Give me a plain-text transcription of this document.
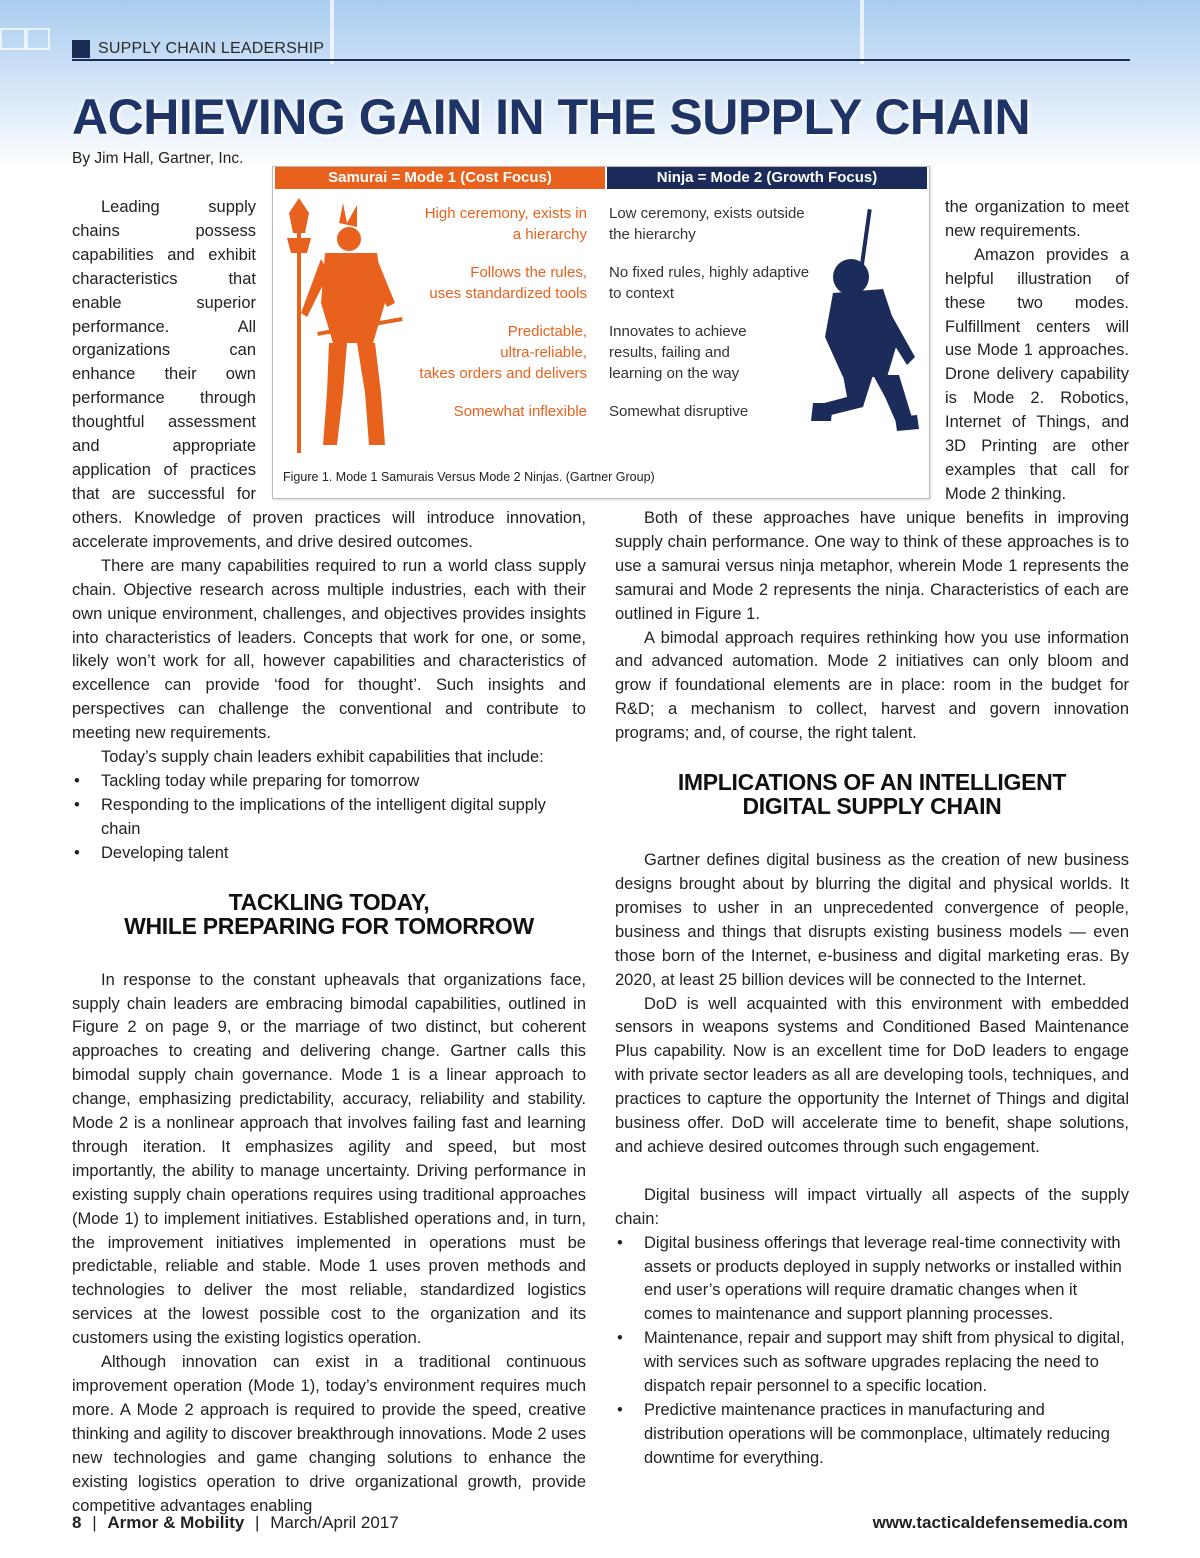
SUPPLY CHAIN LEADERSHIP
ACHIEVING GAIN IN THE SUPPLY CHAIN
By Jim Hall, Gartner, Inc.
Samurai = Mode 1 (Cost Focus)	Ninja = Mode 2 (Growth Focus)
High ceremony, exists in
a hierarchy
Follows the rules,
uses standardized tools
Predictable,
ultra-reliable,
takes orders and delivers
Somewhat inflexible
Low ceremony, exists outside
the hierarchy
No fixed rules, highly adaptive
to context
Innovates to achieve
results, failing and
learning on the way
Somewhat disruptive
Figure 1. Mode 1 Samurais Versus Mode 2 Ninjas. (Gartner Group)

Leading supply chains possess capabilities and exhibit characteristics that enable superior performance. All organizations can enhance their own performance through thoughtful assessment and appropriate application of practices that are successful for

others. Knowledge of proven practices will introduce innovation, accelerate improvements, and drive desired outcomes.

There are many capabilities required to run a world class supply chain. Objective research across multiple industries, each with their own unique environment, challenges, and objectives provides insights into characteristics of leaders. Concepts that work for one, or some, likely won’t work for all, however capabilities and characteristics of excellence can provide ‘food for thought’. Such insights and perspectives can challenge the conventional and contribute to meeting new requirements.

Today’s supply chain leaders exhibit capabilities that include:

• Tackling today while preparing for tomorrow
• Responding to the implications of the intelligent digital supply chain
• Developing talent
TACKLING TODAY,
WHILE PREPARING FOR TOMORROW

In response to the constant upheavals that organizations face, supply chain leaders are embracing bimodal capabilities, outlined in Figure 2 on page 9, or the marriage of two distinct, but coherent approaches to creating and delivering change. Gartner calls this bimodal supply chain governance. Mode 1 is a linear approach to change, emphasizing predictability, accuracy, reliability and stability. Mode 2 is a nonlinear approach that involves failing fast and learning through iteration. It emphasizes agility and speed, but most importantly, the ability to manage uncertainty. Driving performance in existing supply chain operations requires using traditional approaches (Mode 1) to implement initiatives. Established operations and, in turn, the improvement initiatives implemented in operations must be predictable, reliable and stable. Mode 1 uses proven methods and technologies to deliver the most reliable, standardized logistics services at the lowest possible cost to the organization and its customers using the existing logistics operation.

Although innovation can exist in a traditional continuous improvement operation (Mode 1), today’s environment requires much more. A Mode 2 approach is required to provide the speed, creative thinking and agility to discover breakthrough innovations. Mode 2 uses new technologies and game changing solutions to enhance the existing logistics operation to drive organizational growth, provide competitive advantages enabling

the organization to meet new requirements.

Amazon provides a helpful illustration of these two modes. Fulfillment centers will use Mode 1 approaches. Drone delivery capability is Mode 2. Robotics, Internet of Things, and 3D Printing are other examples that call for Mode 2 thinking.

Both of these approaches have unique benefits in improving supply chain performance. One way to think of these approaches is to use a samurai versus ninja metaphor, wherein Mode 1 represents the samurai and Mode 2 represents the ninja. Characteristics of each are outlined in Figure 1.

A bimodal approach requires rethinking how you use information and advanced automation. Mode 2 initiatives can only bloom and grow if foundational elements are in place: room in the budget for R&D; a mechanism to collect, harvest and govern innovation programs; and, of course, the right talent.

IMPLICATIONS OF AN INTELLIGENT
DIGITAL SUPPLY CHAIN

Gartner defines digital business as the creation of new business designs brought about by blurring the digital and physical worlds. It promises to usher in an unprecedented convergence of people, business and things that disrupts existing business models — even those born of the Internet, e-business and digital marketing eras. By 2020, at least 25 billion devices will be connected to the Internet.

DoD is well acquainted with this environment with embedded sensors in weapons systems and Conditioned Based Maintenance Plus capability. Now is an excellent time for DoD leaders to engage with private sector leaders as all are developing tools, techniques, and practices to capture the opportunity the Internet of Things and digital business offer. DoD will accelerate time to benefit, shape solutions, and achieve desired outcomes through such engagement.

Digital business will impact virtually all aspects of the supply chain:

• Digital business offerings that leverage real-time connectivity with assets or products deployed in supply networks or installed within end user’s operations will require dramatic changes when it comes to maintenance and support planning processes.
• Maintenance, repair and support may shift from physical to digital, with services such as software upgrades replacing the need to dispatch repair personnel to a specific location.
• Predictive maintenance practices in manufacturing and distribution operations will be commonplace, ultimately reducing downtime for everything.
8 | Armor & Mobility | March/April 2017	www.tacticaldefensemedia.com
